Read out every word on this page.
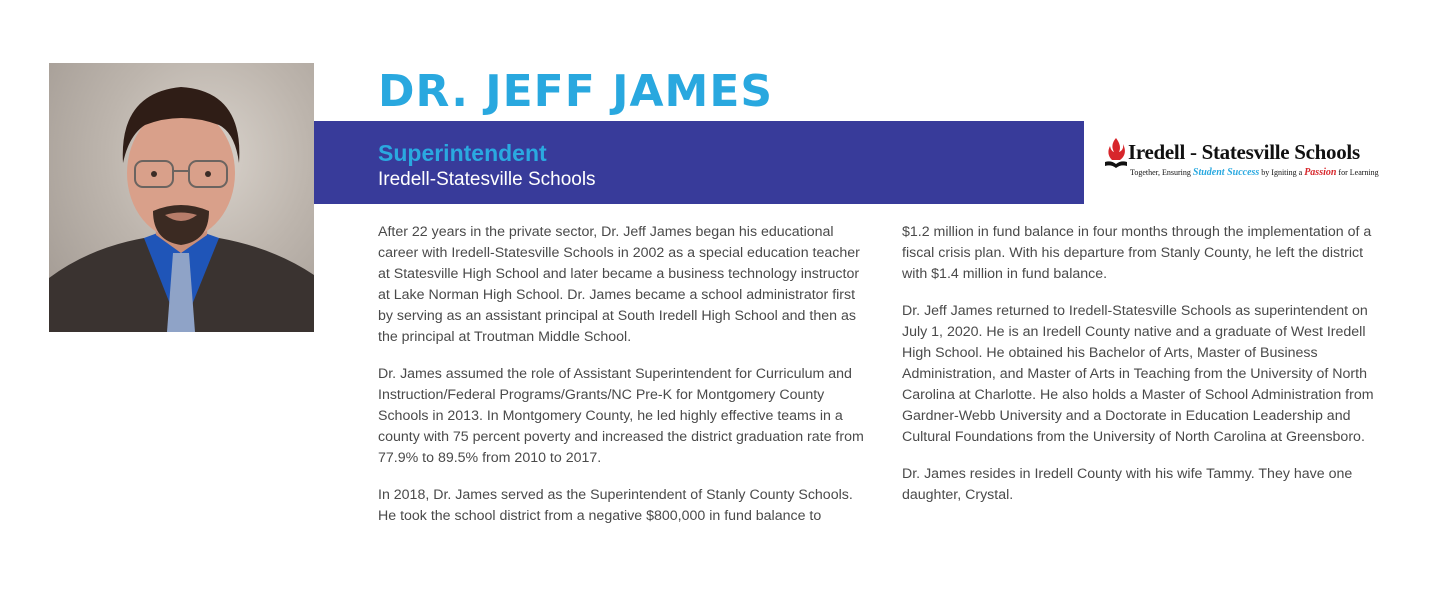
DR. JEFF JAMES
Superintendent
Iredell-Statesville Schools
Iredell - Statesville Schools
Together, Ensuring Student Success by Igniting a Passion for Learning

After 22 years in the private sector, Dr. Jeff James began his educational career with Iredell-Statesville Schools in 2002 as a special education teacher at Statesville High School and later became a business technology instructor at Lake Norman High School. Dr. James became a school administrator first by serving as an assistant principal at South Iredell High School and then as the principal at Troutman Middle School.

Dr. James assumed the role of Assistant Superintendent for Curriculum and Instruction/Federal Programs/Grants/NC Pre-K for Montgomery County Schools in 2013. In Montgomery County, he led highly effective teams in a county with 75 percent poverty and increased the district graduation rate from 77.9% to 89.5% from 2010 to 2017.

In 2018, Dr. James served as the Superintendent of Stanly County Schools. He took the school district from a negative $800,000 in fund balance to

$1.2 million in fund balance in four months through the implementation of a fiscal crisis plan. With his departure from Stanly County, he left the district with $1.4 million in fund balance.

Dr. Jeff James returned to Iredell-Statesville Schools as superintendent on July 1, 2020. He is an Iredell County native and a graduate of West Iredell High School. He obtained his Bachelor of Arts, Master of Business Administration, and Master of Arts in Teaching from the University of North Carolina at Charlotte. He also holds a Master of School Administration from Gardner-Webb University and a Doctorate in Education Leadership and Cultural Foundations from the University of North Carolina at Greensboro.

Dr. James resides in Iredell County with his wife Tammy. They have one daughter, Crystal.
